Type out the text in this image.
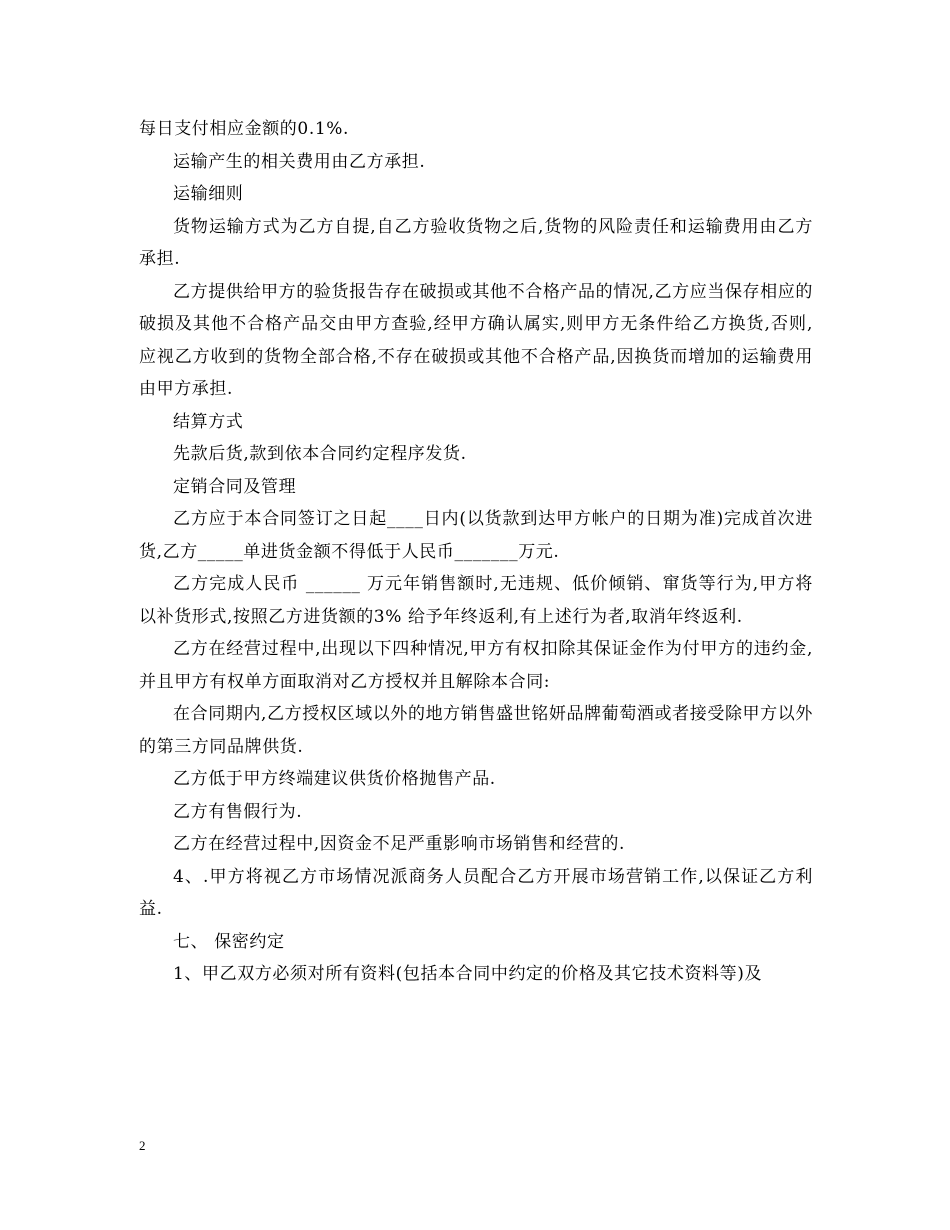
每日支付相应金额的0.1%.

运输产生的相关费用由乙方承担.

运输细则

货物运输方式为乙方自提,自乙方验收货物之后,货物的风险责任和运输费用由乙方承担.

乙方提供给甲方的验货报告存在破损或其他不合格产品的情况,乙方应当保存相应的破损及其他不合格产品交由甲方查验,经甲方确认属实,则甲方无条件给乙方换货,否则,应视乙方收到的货物全部合格,不存在破损或其他不合格产品,因换货而增加的运输费用由甲方承担.

结算方式

先款后货,款到依本合同约定程序发货.

定销合同及管理

乙方应于本合同签订之日起____日内(以货款到达甲方帐户的日期为准)完成首次进货,乙方_____单进货金额不得低于人民币_______万元.

乙方完成人民币 ______ 万元年销售额时,无违规、低价倾销、窜货等行为,甲方将以补货形式,按照乙方进货额的3% 给予年终返利,有上述行为者,取消年终返利.

乙方在经营过程中,出现以下四种情况,甲方有权扣除其保证金作为付甲方的违约金,并且甲方有权单方面取消对乙方授权并且解除本合同:

在合同期内,乙方授权区域以外的地方销售盛世铭妍品牌葡萄酒或者接受除甲方以外的第三方同品牌供货.

乙方低于甲方终端建议供货价格抛售产品.

乙方有售假行为.

乙方在经营过程中,因资金不足严重影响市场销售和经营的.

4、.甲方将视乙方市场情况派商务人员配合乙方开展市场营销工作,以保证乙方利益.

七、 保密约定

1、甲乙双方必须对所有资料(包括本合同中约定的价格及其它技术资料等)及

2
